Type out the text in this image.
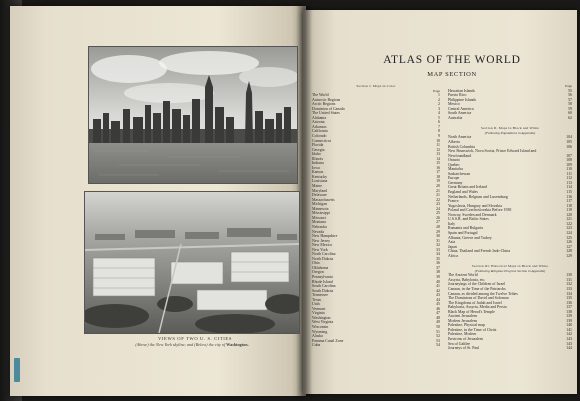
VIEWS OF TWO U. S. CITIES
(Above) the New York skyline; and (Below) the city of Washington.
ATLAS OF THE WORLD
MAP SECTION
Section I. Maps in Color
Page
The World	1
Antarctic Regions	2
Arctic Regions	2
Dominion of Canada	3
The United States	4
Alabama	5
Arizona	6
Arkansas	7
California	8
Colorado	9
Connecticut	10
Florida	11
Georgia	12
Idaho	13
Illinois	14
Indiana	15
Iowa	16
Kansas	17
Kentucky	18
Louisiana	19
Maine	20
Maryland	21
Delaware	21
Massachusetts	22
Michigan	23
Minnesota	24
Mississippi	25
Missouri	26
Montana	27
Nebraska	28
Nevada	29
New Hampshire	30
New Jersey	31
New Mexico	32
New York	33
North Carolina	34
North Dakota	35
Ohio	36
Oklahoma	37
Oregon	38
Pennsylvania	39
Rhode Island	40
South Carolina	41
South Dakota	42
Tennessee	43
Texas	44
Utah	45
Vermont	46
Virginia	47
Washington	48
West Virginia	49
Wisconsin	50
Wyoming	51
Alaska	52
Panama Canal Zone	53
Cuba	54
Page
Hawaiian Islands	55
Puerto Rico	56
Philippine Islands	57
Mexico	58
Central America	59
South America	60
Australia	62
Section II. Maps in Black and White
(Following Populations in Appendix)
North America	104
Alberta	105
British Columbia	106
New Brunswick, Nova Scotia, Prince Edward Island and
Newfoundland	107
Ontario	108
Quebec	109
Manitoba	110
Saskatchewan	111
Europe	112
Germany	113
Great Britain and Ireland	114
England and Wales	115
Netherlands, Belgium and Luxemburg	116
France	117
Yugoslavia, Hungary and Slovakia	118
Poland and Czechoslovakia Before 1938	119
Norway, Sweden and Denmark	120
U.S.S.R. and Baltic States	121
Italy	122
Rumania and Bulgaria	123
Spain and Portugal	124
Albania, Greece and Turkey	125
Asia	126
Japan	127
China, Thailand and French Indo-China	128
Africa	129
Section III. Historical Maps in Black and White
(Following Religious Progress Section in Appendix)
The Ancient World	130
Assyria, Babylonia, etc.	131
Journeyings of the Children of Israel	132
Canaan, in the Time of the Patriarchs	133
Canaan, as divided among the Twelve Tribes	134
The Dominions of David and Solomon	135
The Kingdoms of Judah and Israel	136
Babylonia, Assyria, Media and Persia	137
Black Map of Herod's Temple	138
Ancient Jerusalem	139
Modern Jerusalem	139
Palestine, Physical map	140
Palestine, in the Time of Christ	141
Palestine, Modern	142
Environs of Jerusalem	143
Sea of Galilee	143
Journeys of St. Paul	144
